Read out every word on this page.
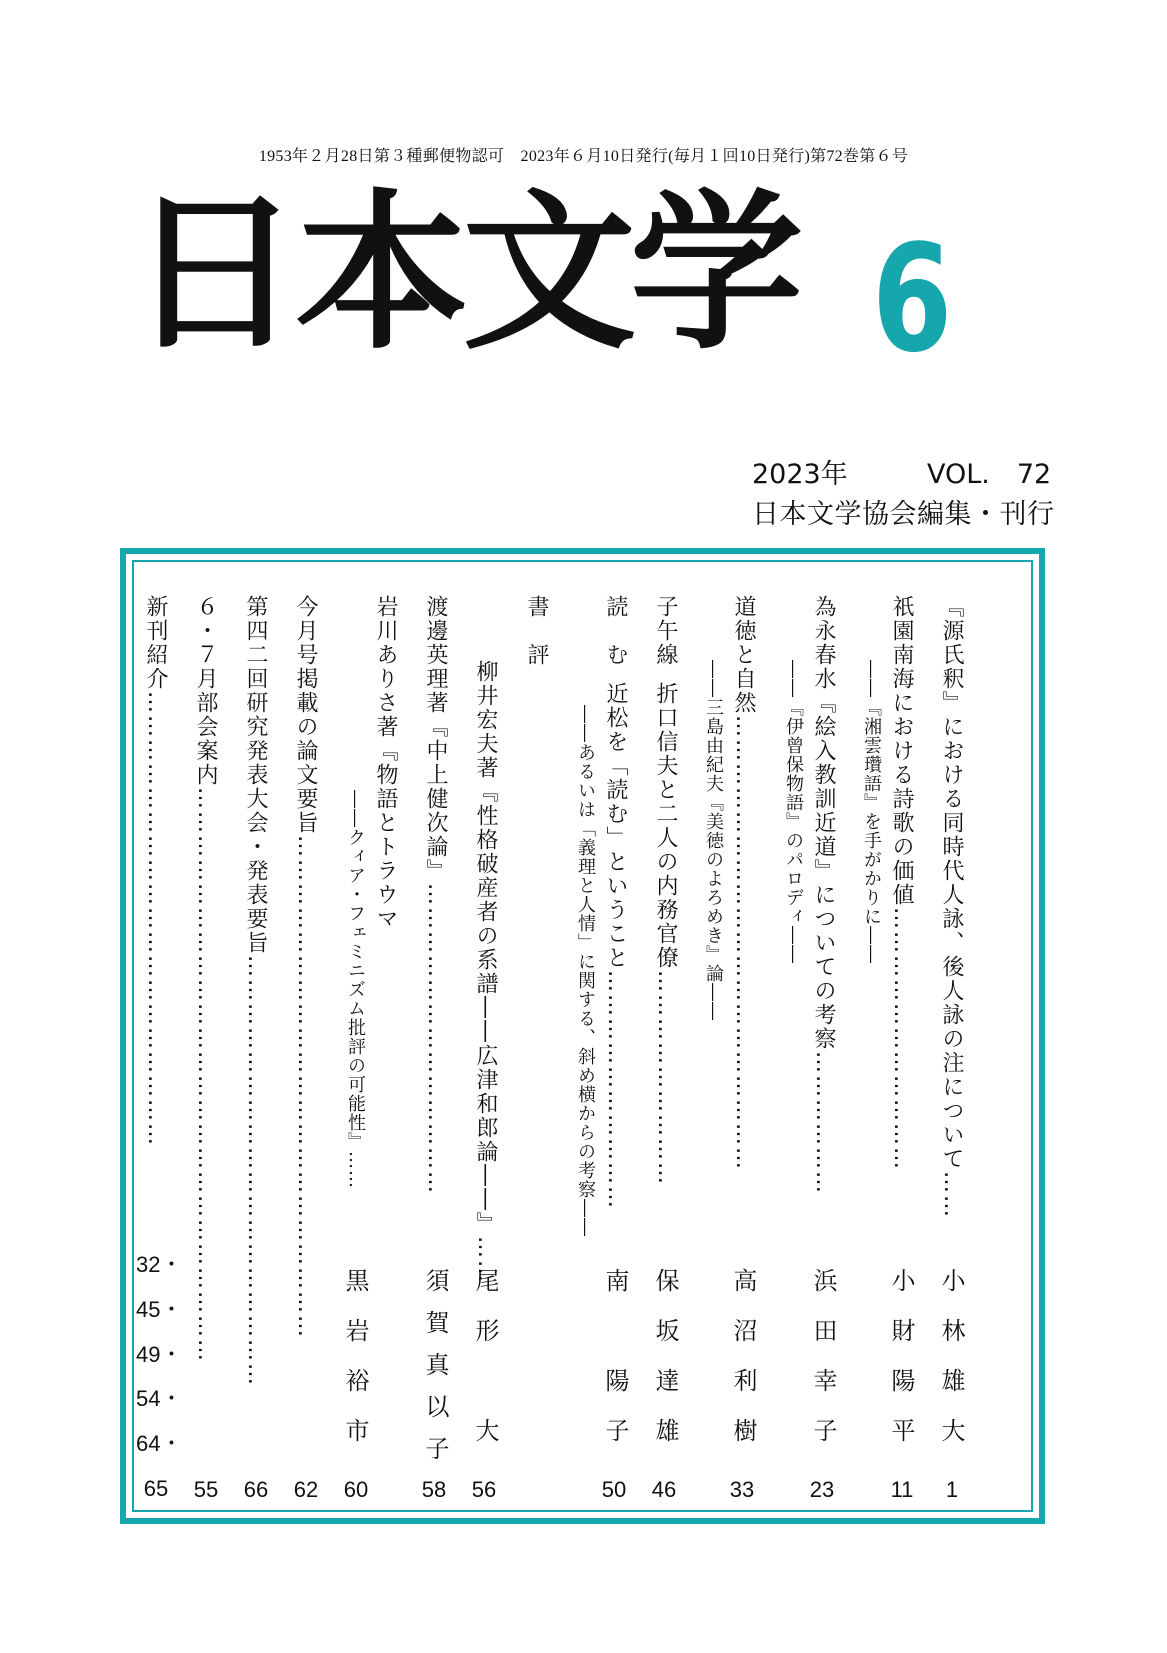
1953年２月28日第３種郵便物認可　2023年６月10日発行(毎月１回10日発行)第72巻第６号
日本文学 6
2023年	VOL.　72
日本文学協会編集・刊行
『源氏釈』における同時代人詠、後人詠の注について……
小林雄大
1
祇園南海における詩歌の価値……………………………
――『湘雲瓚語』を手がかりに――
小財陽平
11
為永春水『絵入教訓近道』についての考察………………
――『伊曾保物語』のパロディ――
浜田幸子
23
道徳と自然…………………………………………………
――三島由紀夫『美徳のよろめき』論――
高沼利樹
33
子午線
折口信夫と二人の内務官僚………………………
保坂達雄
46
読　む
近松を「読む」ということ…………………………
――あるいは「義理と人情」に関する、斜め横からの考察――
南　陽子
50
書　評
柳井宏夫著『性格破産者の系譜――広津和郎論――』……
尾形　大
56
渡邊英理著『中上健次論』…………………………………
須賀真以子
58
岩川ありさ著『物語とトラウマ
――クィア・フェミニズム批評の可能性』……
黒岩裕市
60
今月号掲載の論文要旨………………………………………………………
62
第四二回研究発表大会・発表要旨………………………………………………
66
６・７月部会案内………………………………………………………………
55
新刊紹介…………………………………………………
32・
45・
49・
54・
64・
65
